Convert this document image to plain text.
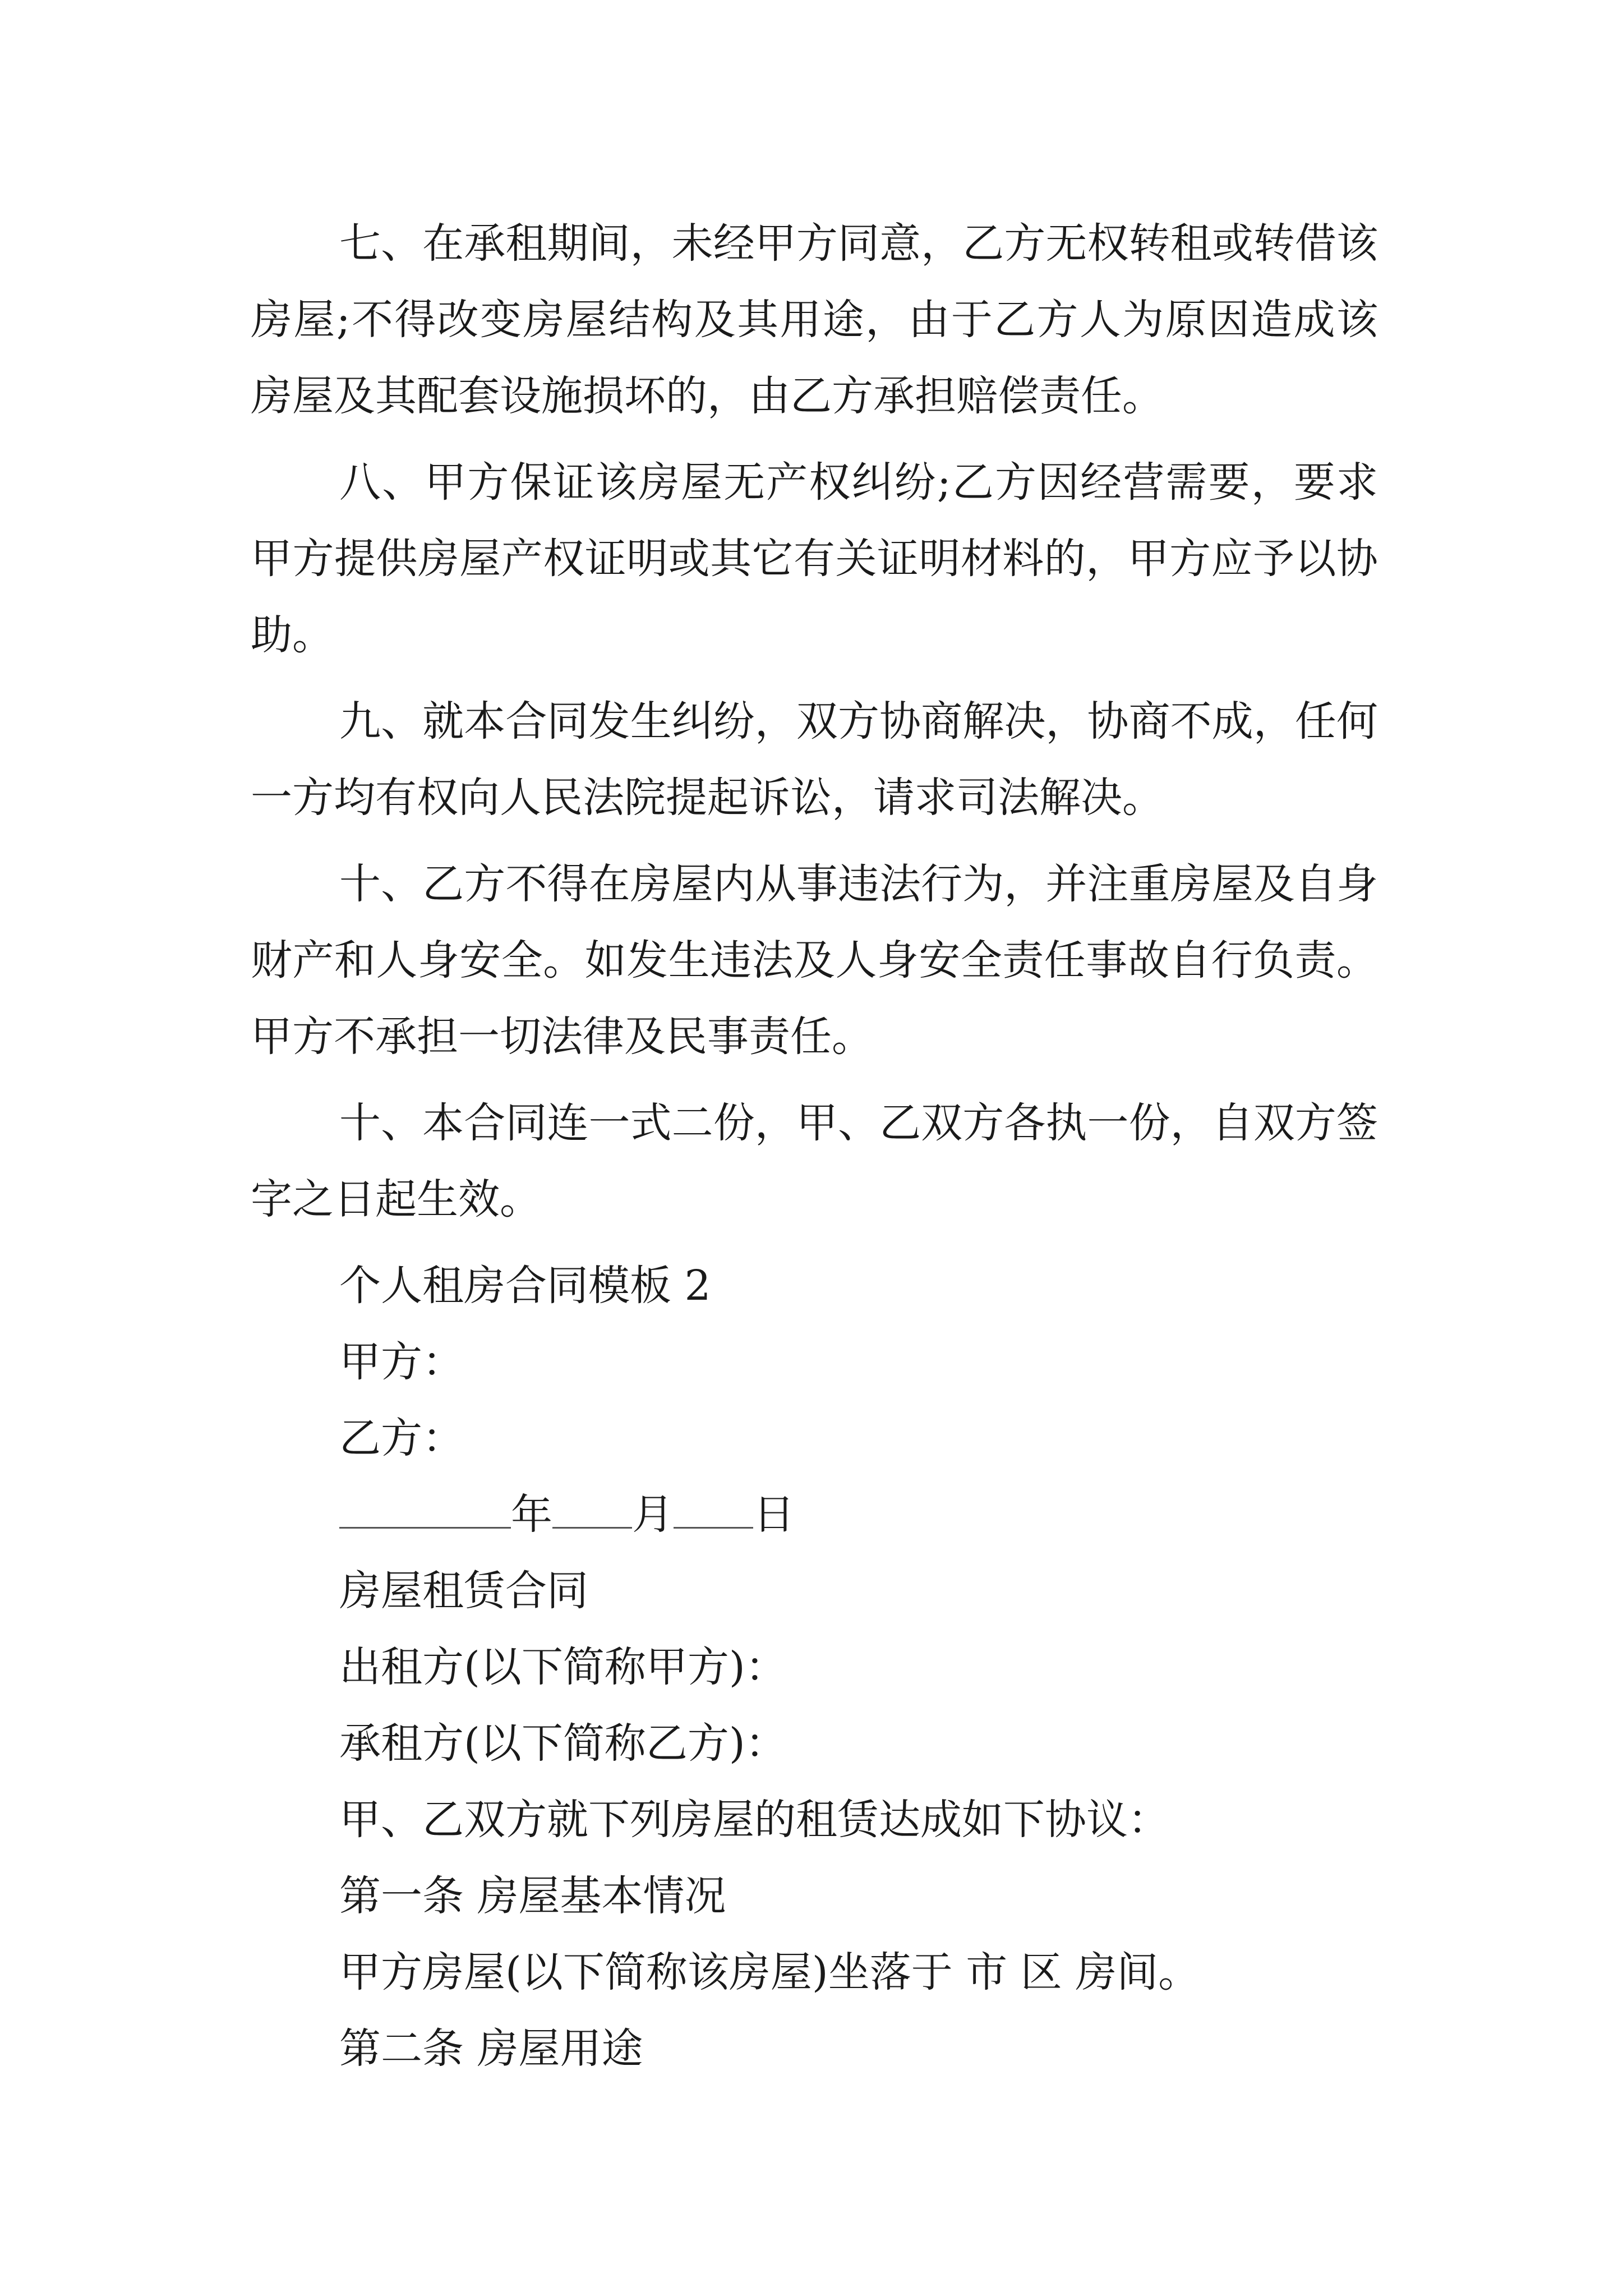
七、在承租期间，未经甲方同意，乙方无权转租或转借该房屋;不得改变房屋结构及其用途，由于乙方人为原因造成该房屋及其配套设施损坏的，由乙方承担赔偿责任。

八、甲方保证该房屋无产权纠纷;乙方因经营需要，要求甲方提供房屋产权证明或其它有关证明材料的，甲方应予以协助。

九、就本合同发生纠纷，双方协商解决，协商不成，任何一方均有权向人民法院提起诉讼，请求司法解决。

十、乙方不得在房屋内从事违法行为，并注重房屋及自身财产和人身安全。如发生违法及人身安全责任事故自行负责。甲方不承担一切法律及民事责任。

十、本合同连一式二份，甲、乙双方各执一份，自双方签字之日起生效。

个人租房合同模板 2

甲方：

乙方：

年 月 日

房屋租赁合同

出租方(以下简称甲方)：

承租方(以下简称乙方)：

甲、乙双方就下列房屋的租赁达成如下协议：

第一条 房屋基本情况

甲方房屋(以下简称该房屋)坐落于 市 区 房间。

第二条 房屋用途
